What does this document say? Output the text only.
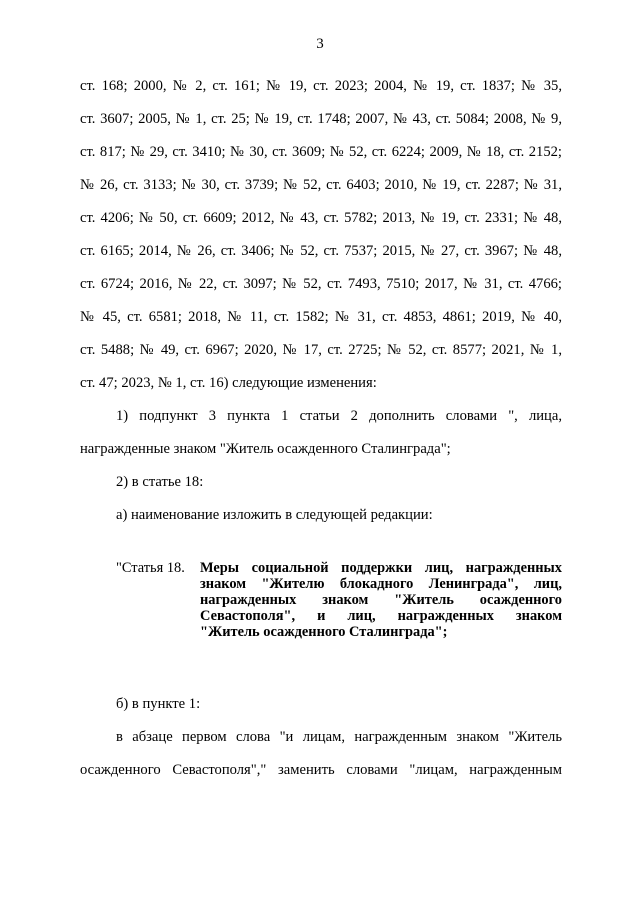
3
ст. 168; 2000, № 2, ст. 161; № 19, ст. 2023; 2004, № 19, ст. 1837; № 35,
ст. 3607; 2005, № 1, ст. 25; № 19, ст. 1748; 2007, № 43, ст. 5084; 2008, № 9,
ст. 817; № 29, ст. 3410; № 30, ст. 3609; № 52, ст. 6224; 2009, № 18, ст. 2152;
№ 26, ст. 3133; № 30, ст. 3739; № 52, ст. 6403; 2010, № 19, ст. 2287; № 31,
ст. 4206; № 50, ст. 6609; 2012, № 43, ст. 5782; 2013, № 19, ст. 2331; № 48,
ст. 6165; 2014, № 26, ст. 3406; № 52, ст. 7537; 2015, № 27, ст. 3967; № 48,
ст. 6724; 2016, № 22, ст. 3097; № 52, ст. 7493, 7510; 2017, № 31, ст. 4766;
№ 45, ст. 6581; 2018, № 11, ст. 1582; № 31, ст. 4853, 4861; 2019, № 40,
ст. 5488; № 49, ст. 6967; 2020, № 17, ст. 2725; № 52, ст. 8577; 2021, № 1,
ст. 47; 2023, № 1, ст. 16) следующие изменения:
1) подпункт 3 пункта 1 статьи 2 дополнить словами ", лица,
награжденные знаком "Житель осажденного Сталинграда";
2) в статье 18:
а) наименование изложить в следующей редакции:
"Статья 18. Меры социальной поддержки лиц, награжденных
знаком "Жителю блокадного Ленинграда", лиц,
награжденных знаком "Житель осажденного
Севастополя", и лиц, награжденных знаком
"Житель осажденного Сталинграда";
б) в пункте 1:
в абзаце первом слова "и лицам, награжденным знаком "Житель
осажденного Севастополя"," заменить словами "лицам, награжденным
